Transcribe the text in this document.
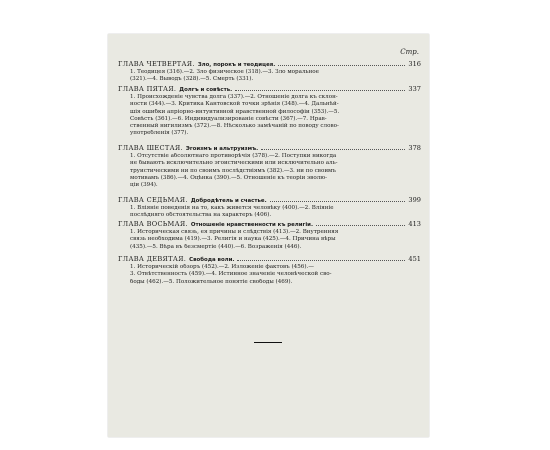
Стр.
ГЛАВА ЧЕТВЕРТАЯ. Зло, порокъ и теодицея.	316
1. Теодицея (316).—2. Зло физическое (318).—3. Зло моральное
(321).—4. Выводъ (328).—5. Смерть (331).
ГЛАВА ПЯТАЯ. Долгъ и совѣсть.	337
1. Происхожденіе чувства долга (337).—2. Отношеніе долга къ склон-
ности (344).—3. Критика Кантовской точки зрѣнія (348).—4. Дальнѣй-
шія ошибки апріорно-интуитивной нравственной философіи (353).—5.
Совѣсть (361).—6. Индивидуализированіе совѣсти (367).—7. Нрав-
ственный нигилизмъ (372).—8. Нѣсколько замѣчаній по поводу слово-
употребленія (377).
ГЛАВА ШЕСТАЯ. Эгоизмъ и альтруизмъ.	378
1. Отсутствіе абсолютнаго противорѣчія (378).—2. Поступки никогда
не бываютъ исключительно эгоистическими или исключительно аль-
труистическими ни по своимъ послѣдствіямъ (382).—3. ни по своимъ
мотивамъ (386).—4. Оцѣнка (390).—5. Отношеніе къ теоріи эволю-
ціи (394).
ГЛАВА СЕДЬМАЯ. Добродѣтель и счастье.	399
1. Вліяніе поведенія на то, какъ живется человѣку (400).—2. Вліяніе
послѣдняго обстоятельства на характеръ (406).
ГЛАВА ВОСЬМАЯ. Отношеніе нравственности къ религіи.	413
1. Историческая связь, ея причины и слѣдствія (413).—2. Внутренняя
связь необходима (419).—3. Религія и наука (425).—4. Причина вѣры
(435).—5. Вѣра въ безсмертіе (440).—6. Возраженія (446).
ГЛАВА ДЕВЯТАЯ. Свобода воли.	451
1. Историческій обзоръ (452).—2. Изложеніе фактовъ (456).—
3. Отвѣтственность (459).—4. Истинное значеніе человѣческой сво-
боды (462).—5. Положительное понятіе свободы (469).
